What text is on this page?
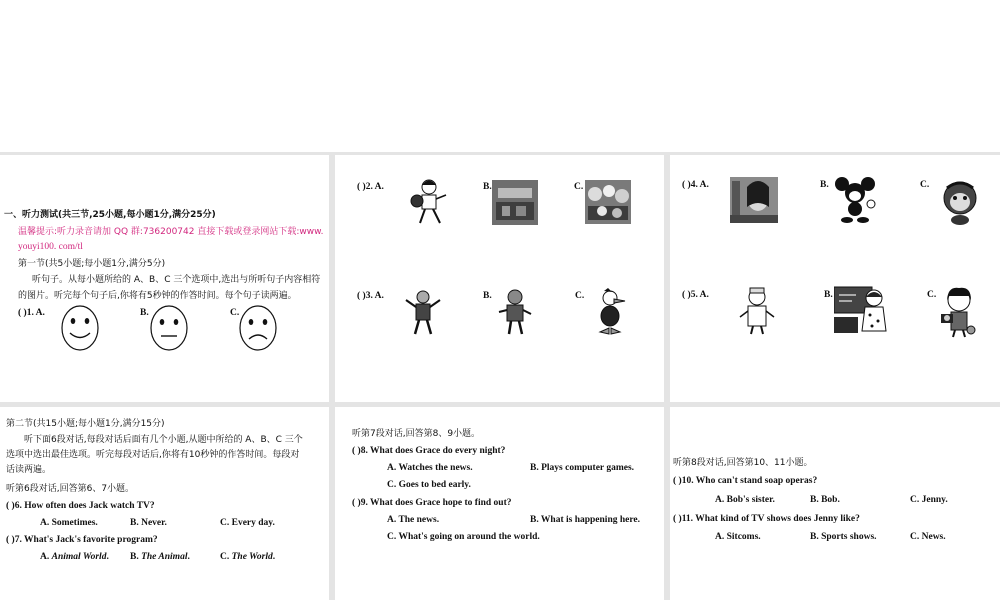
一、听力测试(共三节,25小题,每小题1分,满分25分)
温馨提示:听力录音请加 QQ 群:736200742 直接下载或登录网站下载:www.
youyi100. com/tl
第一节(共5小题;每小题1分,满分5分)
听句子。从每小题所给的 A、B、C 三个选项中,选出与所听句子内容相符
的图片。听完每个句子后,你将有5秒钟的作答时间。每个句子读两遍。
( )1. A.	B.	C.
( )2. A.	B.	C.
( )3. A.	B.	C.
( )4. A.	B.	C.
( )5. A.	B.	C.
第二节(共15小题;每小题1分,满分15分)
听下面6段对话,每段对话后面有几个小题,从题中所给的 A、B、C 三个
选项中选出最佳选项。听完每段对话后,你将有10秒钟的作答时间。每段对
话读两遍。
听第6段对话,回答第6、7小题。
( )6. How often does Jack watch TV?
A. Sometimes.	B. Never.	C. Every day.
( )7. What's Jack's favorite program?
A. Animal World. B. The Animal.	C. The World.
听第7段对话,回答第8、9小题。
( )8. What does Grace do every night?
A. Watches the news.	B. Plays computer games.
C. Goes to bed early.
( )9. What does Grace hope to find out?
A. The news.	B. What is happening here.
C. What's going on around the world.
听第8段对话,回答第10、11小题。
( )10. Who can't stand soap operas?
A. Bob's sister.	B. Bob.	C. Jenny.
( )11. What kind of TV shows does Jenny like?
A. Sitcoms.	B. Sports shows.	C. News.
